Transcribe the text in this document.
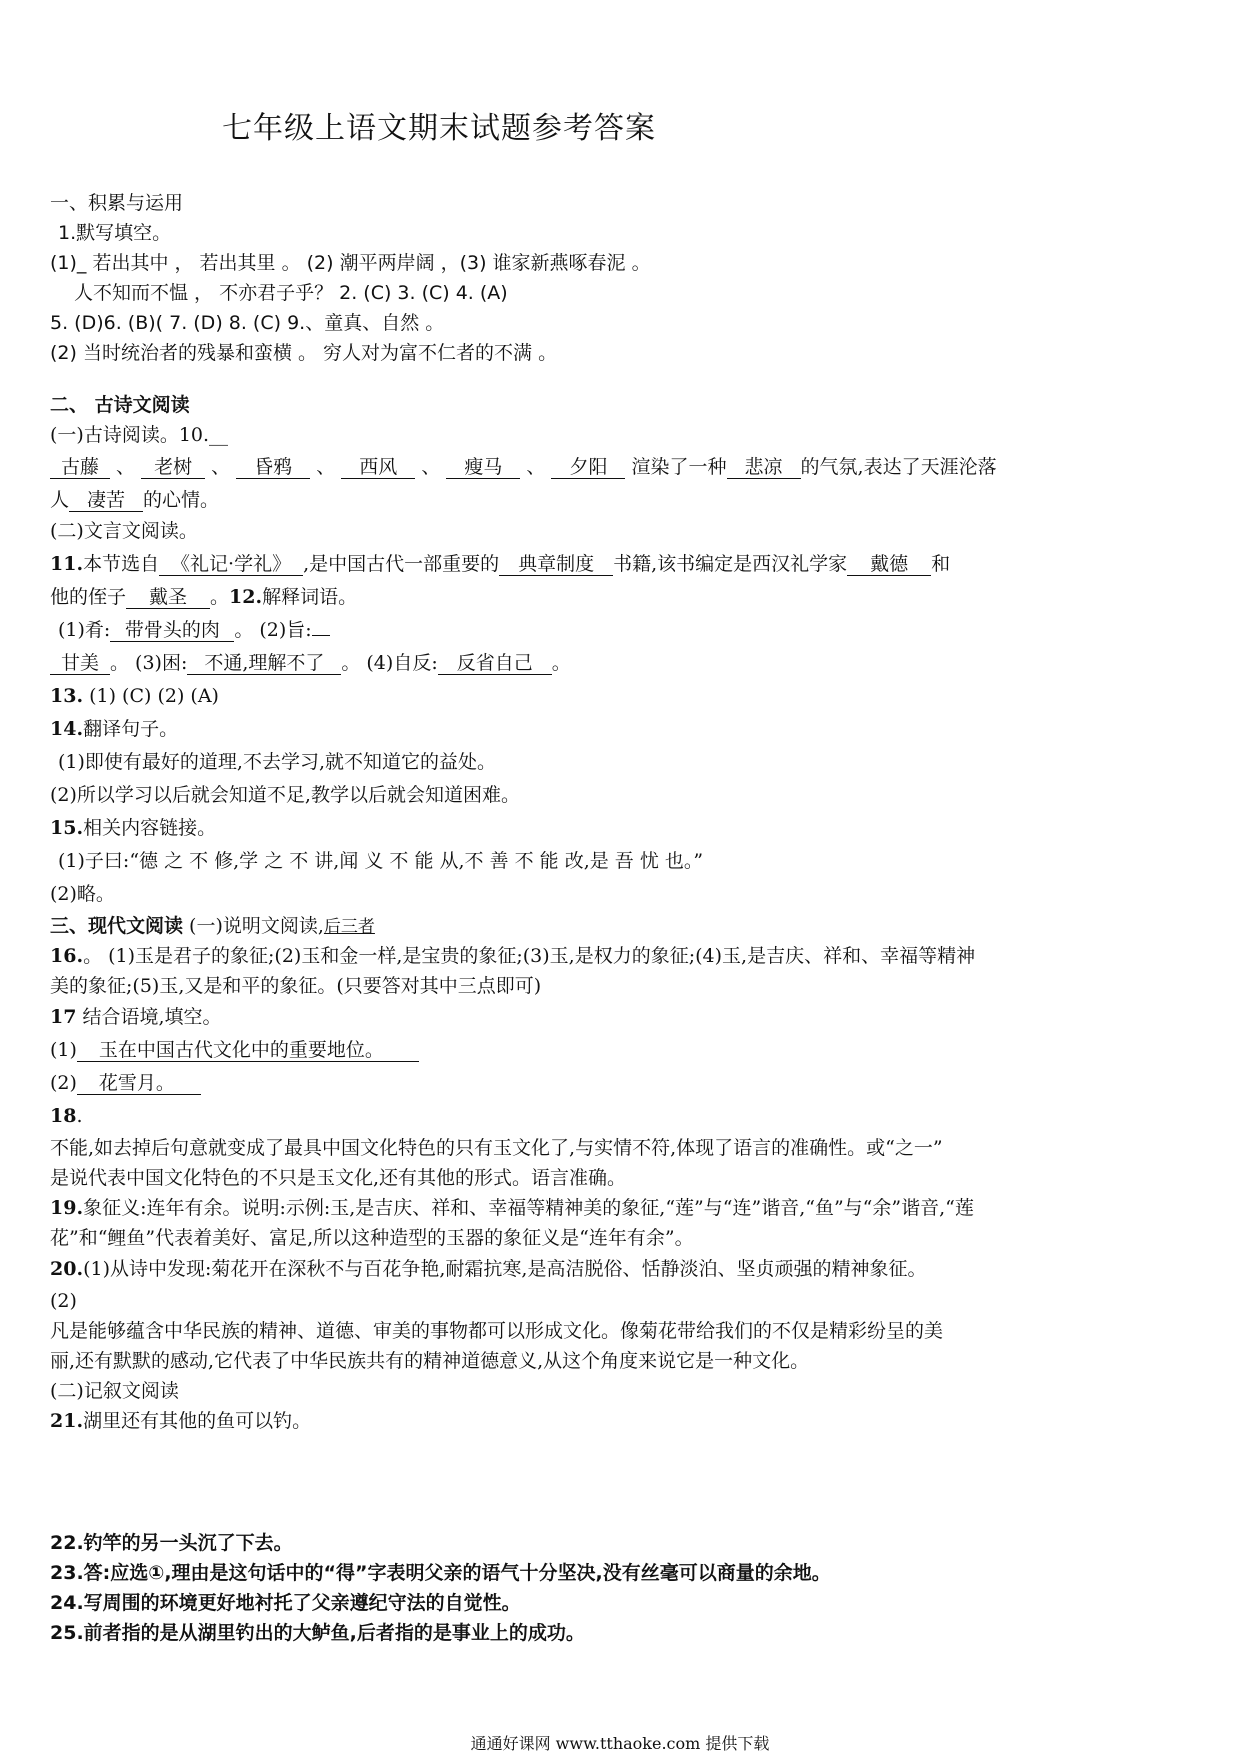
七年级上语文期末试题参考答案
一、积累与运用
1.默写填空。
(1)_ 若出其中 ， 若出其里 。 (2) 潮平两岸阔 ，(3) 谁家新燕啄春泥 。
人不知而不愠 ， 不亦君子乎？ 2. (C) 3. (C) 4. (A)
5. (D)6. (B)( 7. (D) 8. (C) 9.、童真、自然 。
(2) 当时统治者的残暴和蛮横 。 穷人对为富不仁者的不满 。
二、 古诗文阅读
(一)古诗阅读。10.__
古藤 、 老树 、 昏鸦 、 西风 、 瘦马 、 夕阳 渲染了一种 悲凉 的气氛,表达了天涯沦落
人 凄苦 的心情。
(二)文言文阅读。
11.本节选自 《礼记·学礼》 ,是中国古代一部重要的 典章制度 书籍,该书编定是西汉礼学家 戴德 和
他的侄子 戴圣 。12.解释词语。
(1)肴: 带骨头的肉 。 (2)旨:
甘美 。 (3)困: 不通,理解不了 。 (4)自反: 反省自己 。
13. (1) (C) (2) (A)
14.翻译句子。
(1)即使有最好的道理,不去学习,就不知道它的益处。
(2)所以学习以后就会知道不足,教学以后就会知道困难。
15.相关内容链接。
(1)子曰:“德 之 不 修,学 之 不 讲,闻 义 不 能 从,不 善 不 能 改,是 吾 忧 也。”
(2)略。
三、现代文阅读 (一)说明文阅读,后三者
16.。 (1)玉是君子的象征;(2)玉和金一样,是宝贵的象征;(3)玉,是权力的象征;(4)玉,是吉庆、祥和、幸福等精神
美的象征;(5)玉,又是和平的象征。(只要答对其中三点即可)
17 结合语境,填空。
(1) 玉在中国古代文化中的重要地位。
(2) 花雪月。
18.
不能,如去掉后句意就变成了最具中国文化特色的只有玉文化了,与实情不符,体现了语言的准确性。或“之一”
是说代表中国文化特色的不只是玉文化,还有其他的形式。语言准确。
19.象征义:连年有余。说明:示例:玉,是吉庆、祥和、幸福等精神美的象征,“莲”与“连”谐音,“鱼”与“余”谐音,“莲
花”和“鲤鱼”代表着美好、富足,所以这种造型的玉器的象征义是“连年有余”。
20.(1)从诗中发现:菊花开在深秋不与百花争艳,耐霜抗寒,是高洁脱俗、恬静淡泊、坚贞顽强的精神象征。
(2)
凡是能够蕴含中华民族的精神、道德、审美的事物都可以形成文化。像菊花带给我们的不仅是精彩纷呈的美
丽,还有默默的感动,它代表了中华民族共有的精神道德意义,从这个角度来说它是一种文化。
(二)记叙文阅读
21.湖里还有其他的鱼可以钓。
22.钓竿的另一头沉了下去。
23.答:应选①,理由是这句话中的“得”字表明父亲的语气十分坚决,没有丝毫可以商量的余地。
24.写周围的环境更好地衬托了父亲遵纪守法的自觉性。
25.前者指的是从湖里钓出的大鲈鱼,后者指的是事业上的成功。
通通好课网 www.tthaoke.com 提供下载
